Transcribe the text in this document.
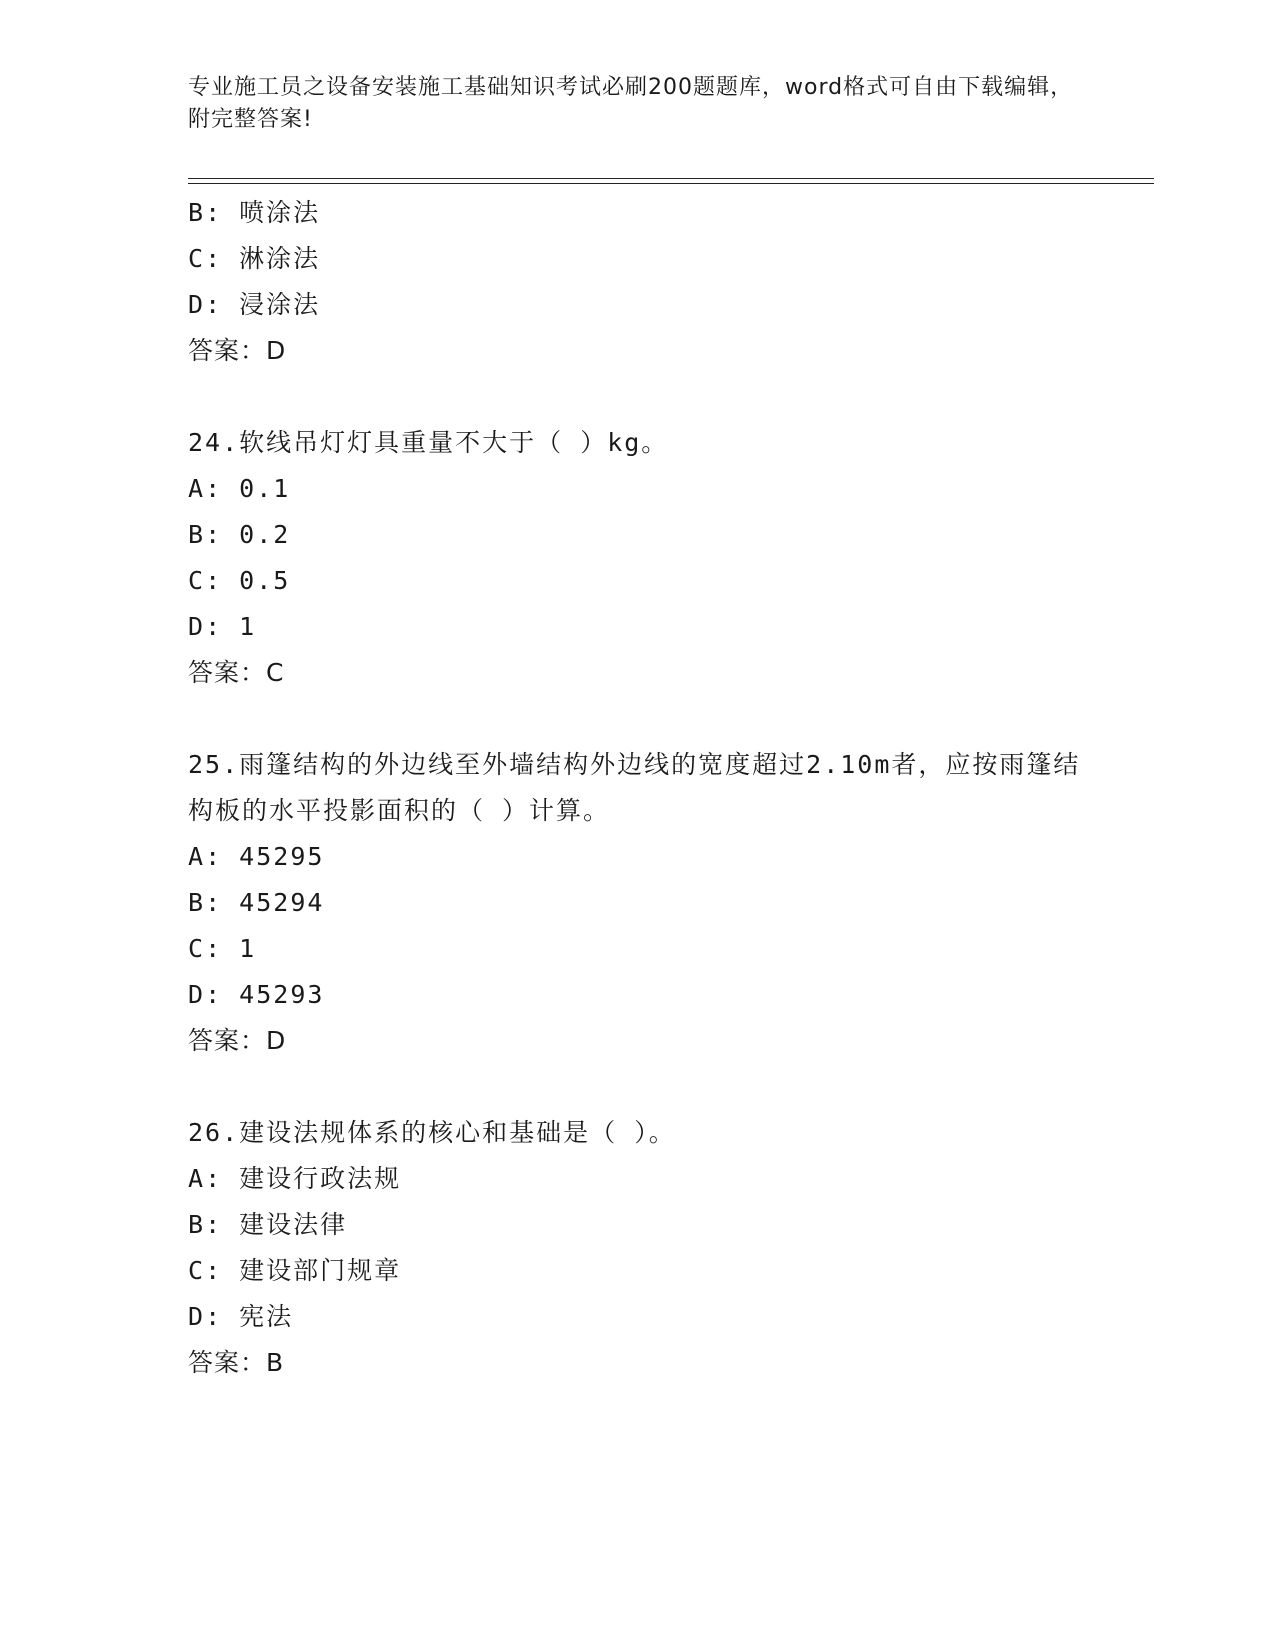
专业施工员之设备安装施工基础知识考试必刷200题题库，word格式可自由下载编辑，附完整答案!
B: 喷涂法
C: 淋涂法
D: 浸涂法
答案：D
24.软线吊灯灯具重量不大于（ ）kg。
A: 0.1
B: 0.2
C: 0.5
D: 1
答案：C
25.雨篷结构的外边线至外墙结构外边线的宽度超过2.10m者，应按雨篷结构板的水平投影面积的（ ）计算。
A: 45295
B: 45294
C: 1
D: 45293
答案：D
26.建设法规体系的核心和基础是（ ）。
A: 建设行政法规
B: 建设法律
C: 建设部门规章
D: 宪法
答案：B
